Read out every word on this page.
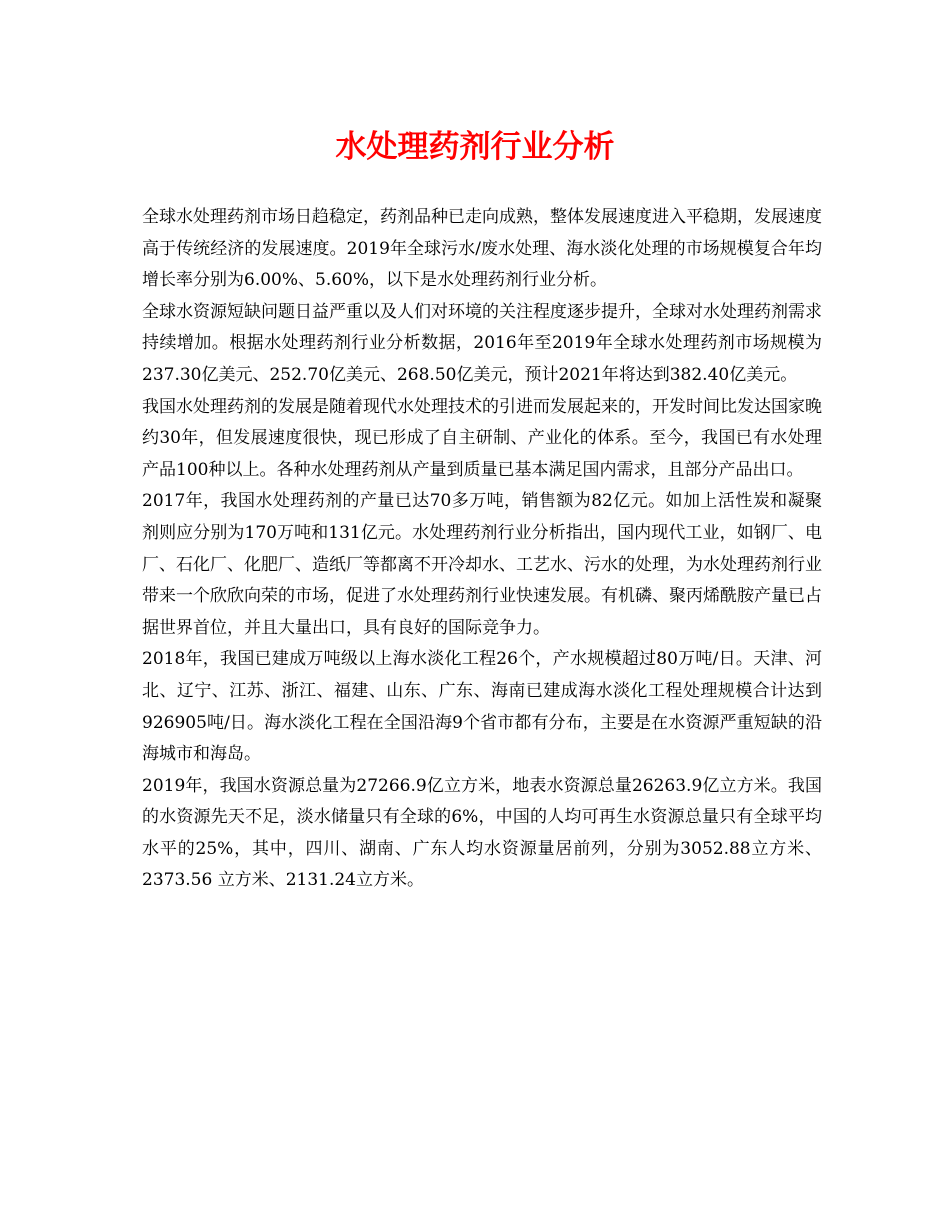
水处理药剂行业分析

全球水处理药剂市场日趋稳定，药剂品种已走向成熟，整体发展速度进入平稳期，发展速度高于传统经济的发展速度。2019年全球污水/废水处理、海水淡化处理的市场规模复合年均增长率分别为6.00%、5.60%，以下是水处理药剂行业分析。

全球水资源短缺问题日益严重以及人们对环境的关注程度逐步提升，全球对水处理药剂需求持续增加。根据水处理药剂行业分析数据，2016年至2019年全球水处理药剂市场规模为237.30亿美元、252.70亿美元、268.50亿美元，预计2021年将达到382.40亿美元。

我国水处理药剂的发展是随着现代水处理技术的引进而发展起来的，开发时间比发达国家晚约30年，但发展速度很快，现已形成了自主研制、产业化的体系。至今，我国已有水处理产品100种以上。各种水处理药剂从产量到质量已基本满足国内需求，且部分产品出口。

2017年，我国水处理药剂的产量已达70多万吨，销售额为82亿元。如加上活性炭和凝聚剂则应分别为170万吨和131亿元。水处理药剂行业分析指出，国内现代工业，如钢厂、电厂、石化厂、化肥厂、造纸厂等都离不开冷却水、工艺水、污水的处理，为水处理药剂行业带来一个欣欣向荣的市场，促进了水处理药剂行业快速发展。有机磷、聚丙烯酰胺产量已占据世界首位，并且大量出口，具有良好的国际竞争力。

2018年，我国已建成万吨级以上海水淡化工程26个，产水规模超过80万吨/日。天津、河北、辽宁、江苏、浙江、福建、山东、广东、海南已建成海水淡化工程处理规模合计达到926905吨/日。海水淡化工程在全国沿海9个省市都有分布，主要是在水资源严重短缺的沿海城市和海岛。

2019年，我国水资源总量为27266.9亿立方米，地表水资源总量26263.9亿立方米。我国的水资源先天不足，淡水储量只有全球的6%，中国的人均可再生水资源总量只有全球平均水平的25%，其中，四川、湖南、广东人均水资源量居前列，分别为3052.88立方米、2373.56 立方米、2131.24立方米。
